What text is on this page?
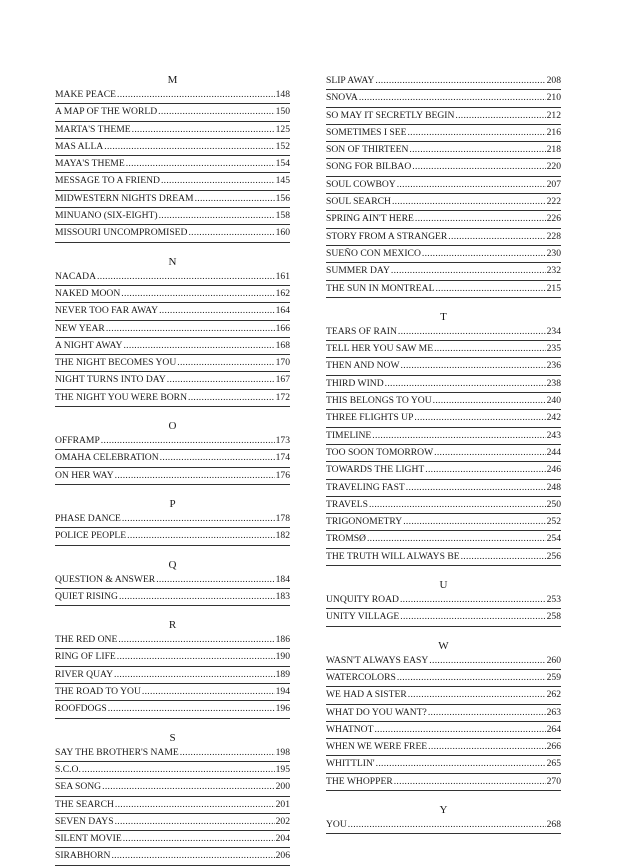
M
MAKE PEACE .....	148
A MAP OF THE WORLD .....	150
MARTA'S THEME .....	125
MAS ALLA .....	152
MAYA'S THEME .....	154
MESSAGE TO A FRIEND .....	145
MIDWESTERN NIGHTS DREAM .....	156
MINUANO (SIX-EIGHT) .....	158
MISSOURI UNCOMPROMISED .....	160
N
NACADA .....	161
NAKED MOON .....	162
NEVER TOO FAR AWAY .....	164
NEW YEAR .....	166
A NIGHT AWAY .....	168
THE NIGHT BECOMES YOU .....	170
NIGHT TURNS INTO DAY .....	167
THE NIGHT YOU WERE BORN .....	172
O
OFFRAMP .....	173
OMAHA CELEBRATION .....	174
ON HER WAY .....	176
P
PHASE DANCE .....	178
POLICE PEOPLE .....	182
Q
QUESTION & ANSWER .....	184
QUIET RISING .....	183
R
THE RED ONE .....	186
RING OF LIFE .....	190
RIVER QUAY .....	189
THE ROAD TO YOU .....	194
ROOFDOGS .....	196
S
SAY THE BROTHER'S NAME .....	198
S.C.O. .....	195
SEA SONG .....	200
THE SEARCH .....	201
SEVEN DAYS .....	202
SILENT MOVIE .....	204
SIRABHORN .....	206
SLIP AWAY .....	208
SNOVA .....	210
SO MAY IT SECRETLY BEGIN .....	212
SOMETIMES I SEE .....	216
SON OF THIRTEEN .....	218
SONG FOR BILBAO .....	220
SOUL COWBOY .....	207
SOUL SEARCH .....	222
SPRING AIN'T HERE .....	226
STORY FROM A STRANGER .....	228
SUEÑO CON MEXICO .....	230
SUMMER DAY .....	232
THE SUN IN MONTREAL .....	215
T
TEARS OF RAIN .....	234
TELL HER YOU SAW ME .....	235
THEN AND NOW .....	236
THIRD WIND .....	238
THIS BELONGS TO YOU .....	240
THREE FLIGHTS UP .....	242
TIMELINE .....	243
TOO SOON TOMORROW .....	244
TOWARDS THE LIGHT .....	246
TRAVELING FAST .....	248
TRAVELS .....	250
TRIGONOMETRY .....	252
TROMSØ .....	254
THE TRUTH WILL ALWAYS BE .....	256
U
UNQUITY ROAD .....	253
UNITY VILLAGE .....	258
W
WASN'T ALWAYS EASY .....	260
WATERCOLORS .....	259
WE HAD A SISTER .....	262
WHAT DO YOU WANT? .....	263
WHATNOT .....	264
WHEN WE WERE FREE .....	266
WHITTLIN' .....	265
THE WHOPPER .....	270
Y
YOU .....	268
